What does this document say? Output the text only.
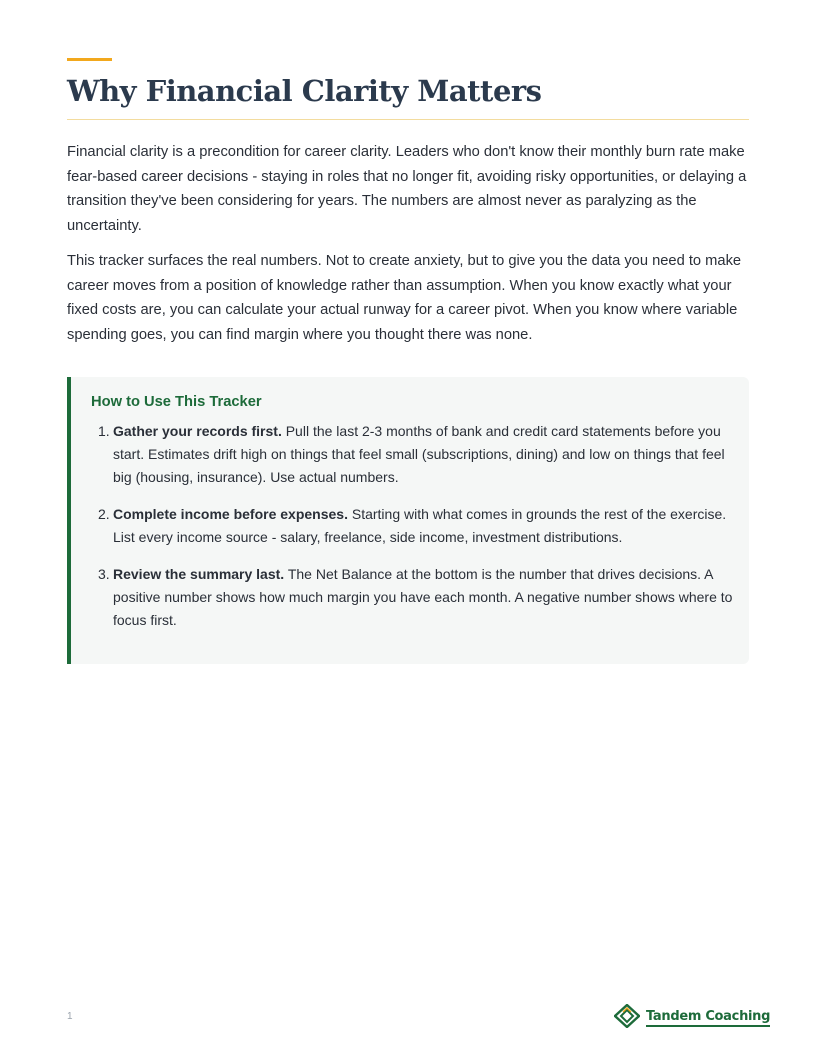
Why Financial Clarity Matters

Financial clarity is a precondition for career clarity. Leaders who don't know their monthly burn rate make fear-based career decisions - staying in roles that no longer fit, avoiding risky opportunities, or delaying a transition they've been considering for years. The numbers are almost never as paralyzing as the uncertainty.

This tracker surfaces the real numbers. Not to create anxiety, but to give you the data you need to make career moves from a position of knowledge rather than assumption. When you know exactly what your fixed costs are, you can calculate your actual runway for a career pivot. When you know where variable spending goes, you can find margin where you thought there was none.

How to Use This Tracker
1. Gather your records first. Pull the last 2-3 months of bank and credit card statements before you start. Estimates drift high on things that feel small (subscriptions, dining) and low on things that feel big (housing, insurance). Use actual numbers.
2. Complete income before expenses. Starting with what comes in grounds the rest of the exercise. List every income source - salary, freelance, side income, investment distributions.
3. Review the summary last. The Net Balance at the bottom is the number that drives decisions. A positive number shows how much margin you have each month. A negative number shows where to focus first.
1	Tandem Coaching
